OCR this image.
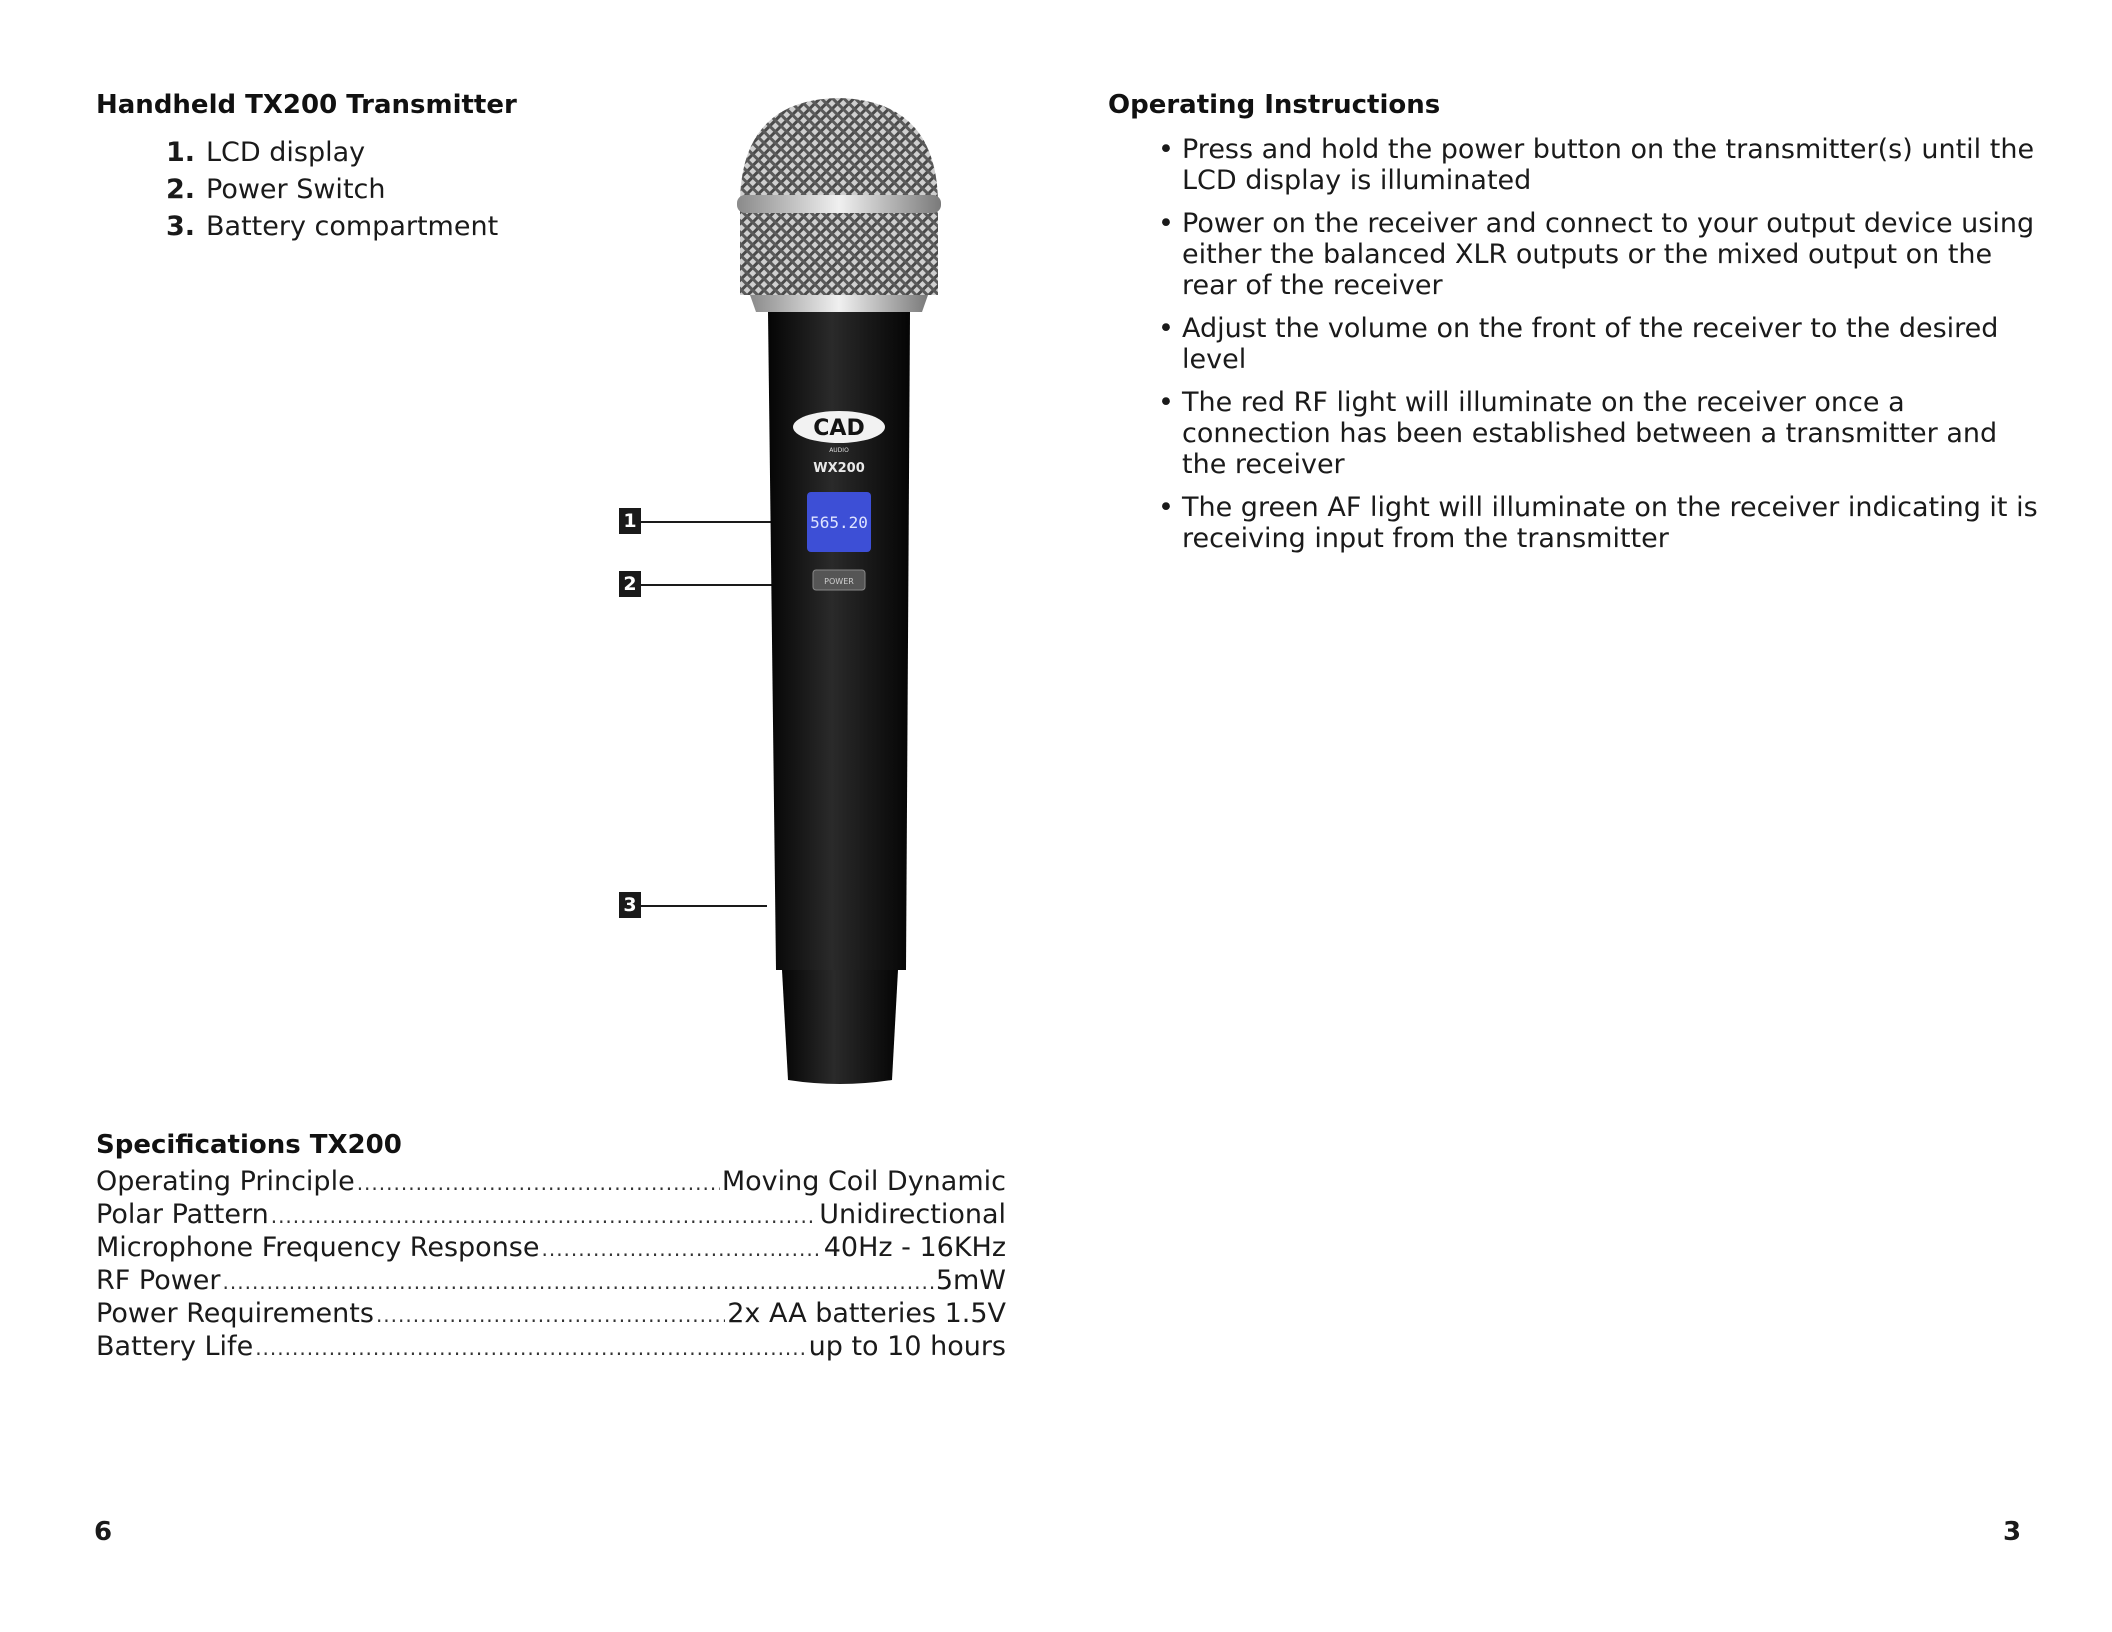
Handheld TX200 Transmitter
1. LCD display
2. Power Switch
3. Battery compartment
1
2
3
CAD
AUDIO
WX200
565.20
POWER
Specifications TX200
Operating Principle .....	Moving Coil Dynamic
Polar Pattern .....	Unidirectional
Microphone Frequency Response .....	40Hz - 16KHz
RF Power .....	5mW
Power Requirements .....	2x AA batteries 1.5V
Battery Life .....	up to 10 hours
6
Operating Instructions
• Press and hold the power button on the transmitter(s) until the LCD display is illuminated
• Power on the receiver and connect to your output device using either the balanced XLR outputs or the mixed output on the rear of the receiver
• Adjust the volume on the front of the receiver to the desired level
• The red RF light will illuminate on the receiver once a connection has been established between a transmitter and the receiver
• The green AF light will illuminate on the receiver indicating it is receiving input from the transmitter
3
